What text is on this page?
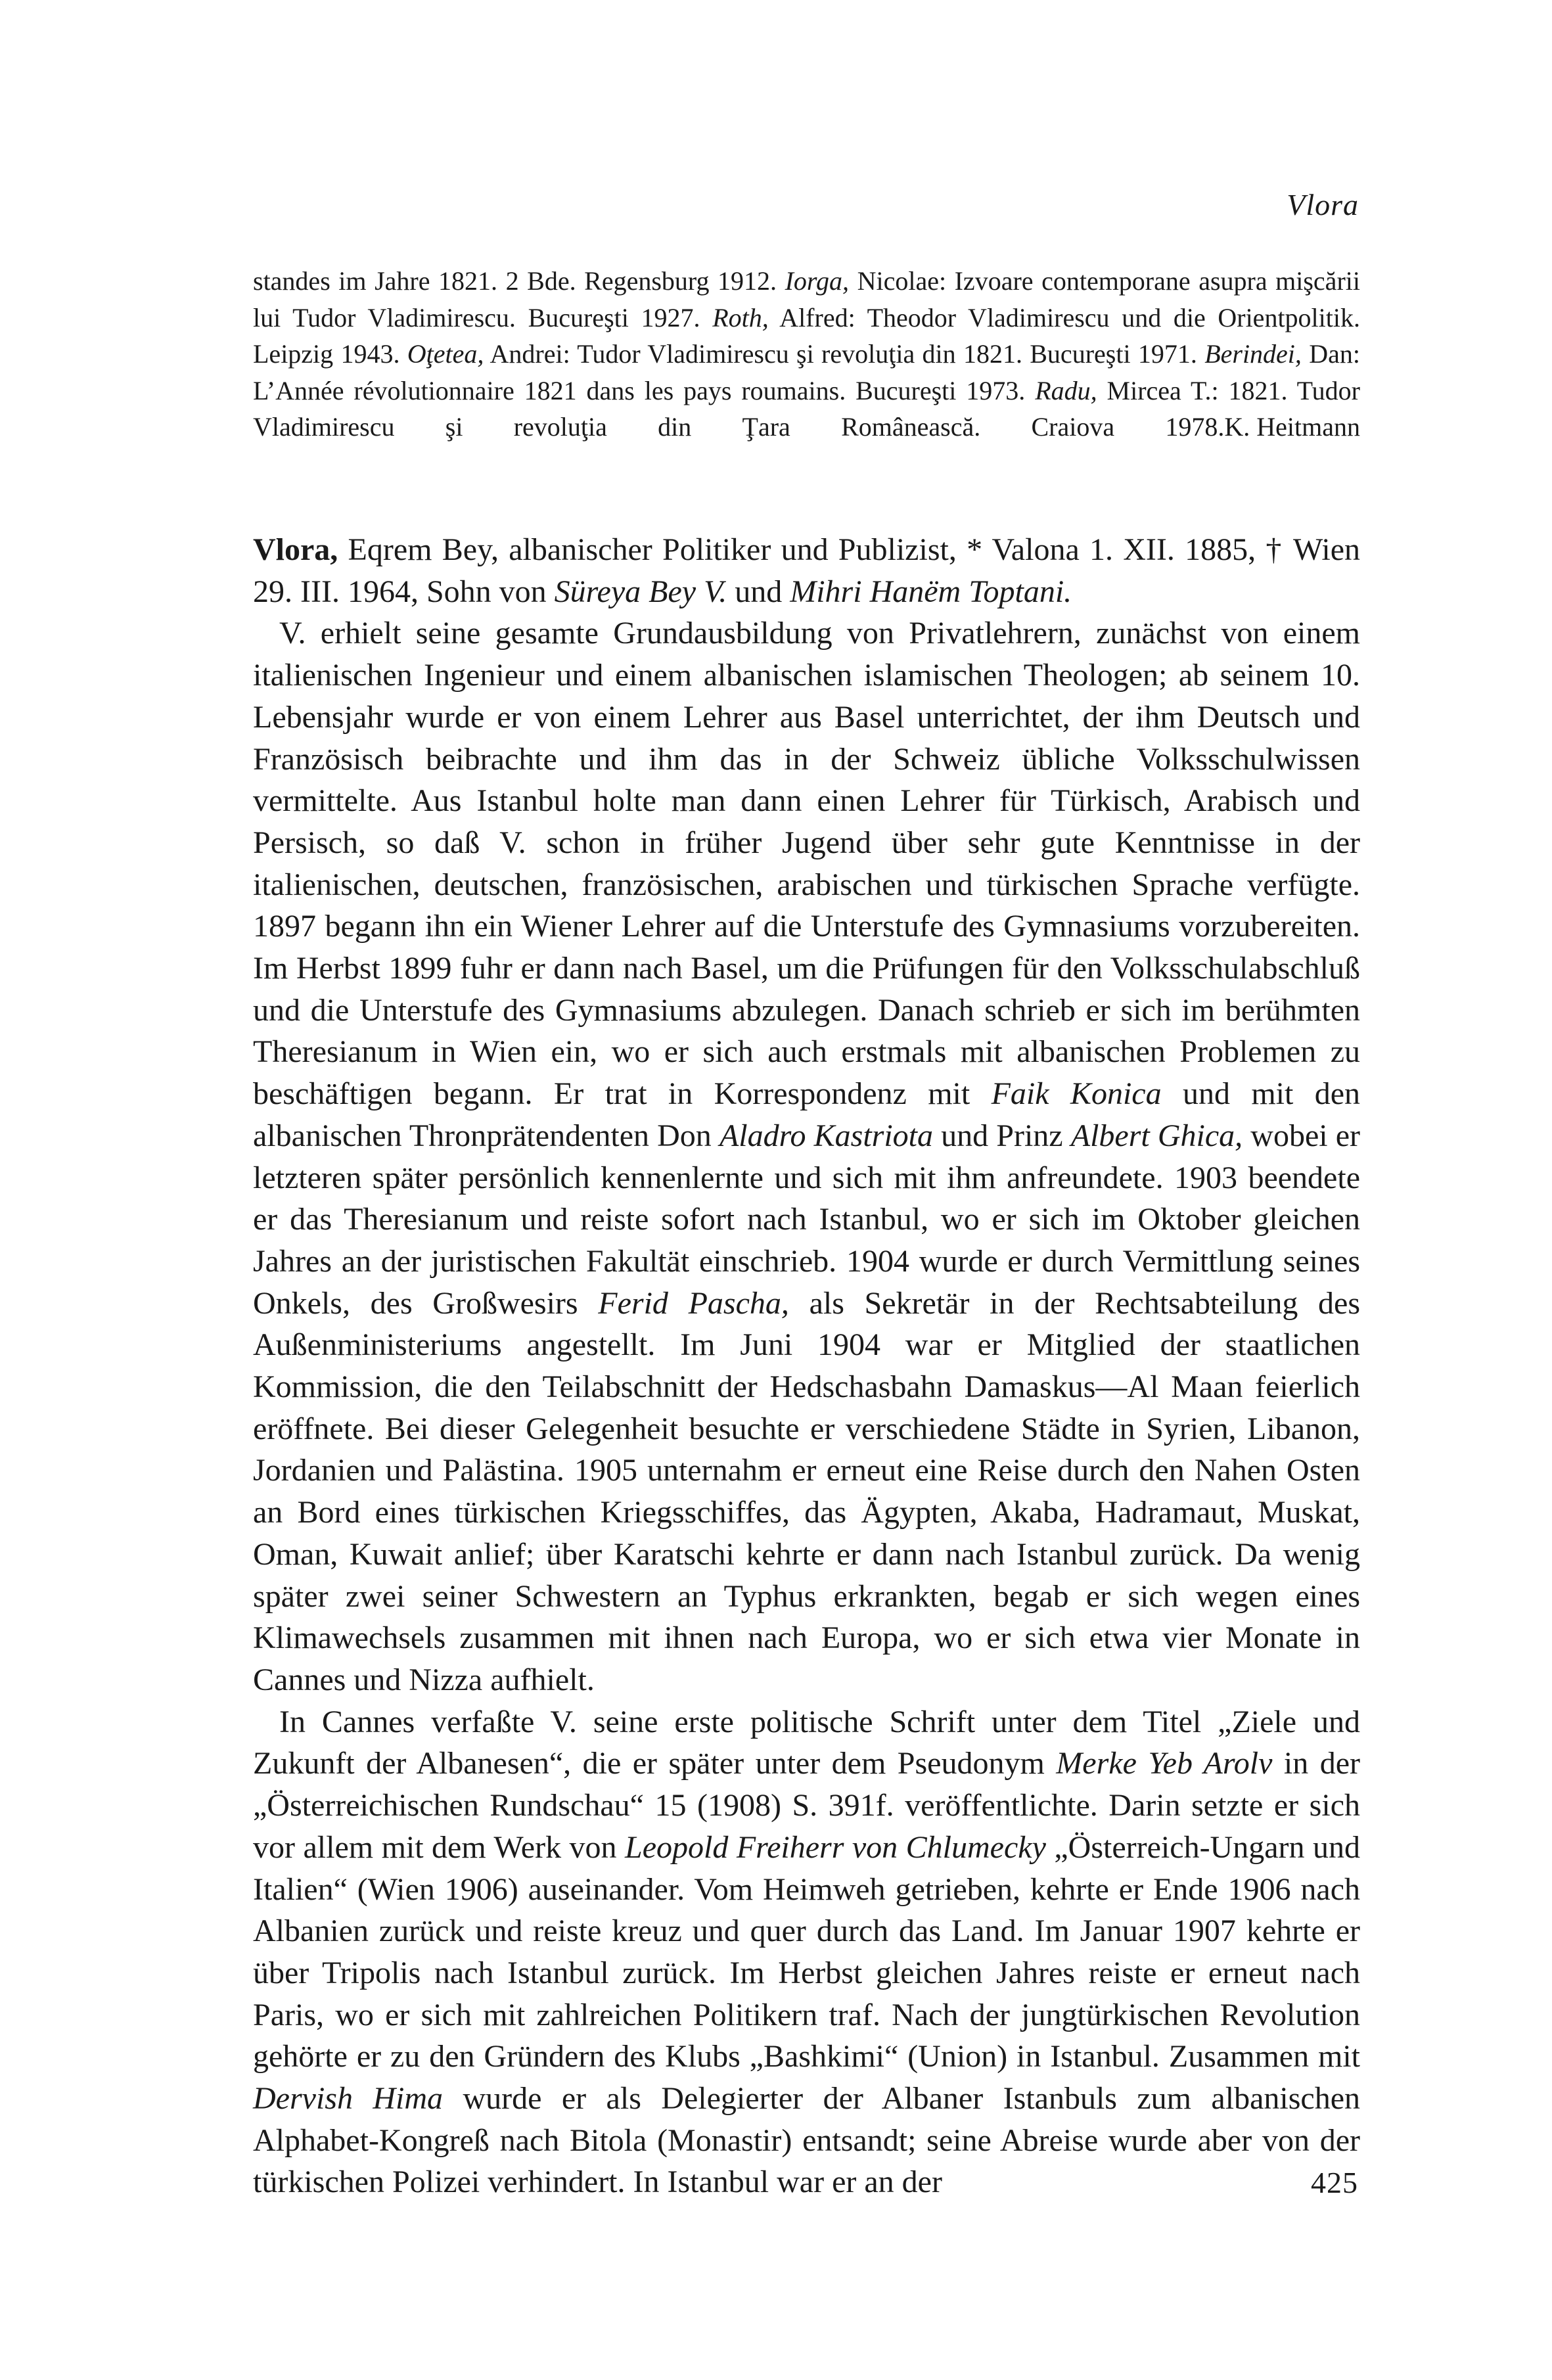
Vlora

standes im Jahre 1821. 2 Bde. Regensburg 1912. Iorga, Nicolae: Izvoare contemporane asupra mişcării lui Tudor Vladimirescu. Bucureşti 1927. Roth, Alfred: Theodor Vladimirescu und die Orientpolitik. Leipzig 1943. Oţetea, Andrei: Tudor Vladimirescu şi revoluţia din 1821. Bucureşti 1971. Berindei, Dan: L’Année révolutionnaire 1821 dans les pays roumains. Bucureşti 1973. Radu, Mircea T.: 1821. Tudor Vladimirescu şi revoluţia din Ţara Românească. Craiova 1978. K. Heitmann

Vlora, Eqrem Bey, albanischer Politiker und Publizist, * Valona 1. XII. 1885, † Wien 29. III. 1964, Sohn von Süreya Bey V. und Mihri Hanëm Toptani.

V. erhielt seine gesamte Grundausbildung von Privatlehrern, zunächst von einem italienischen Ingenieur und einem albanischen islamischen Theologen; ab seinem 10. Lebensjahr wurde er von einem Lehrer aus Basel unterrichtet, der ihm Deutsch und Französisch beibrachte und ihm das in der Schweiz übliche Volksschulwissen vermittelte. Aus Istanbul holte man dann einen Lehrer für Türkisch, Arabisch und Persisch, so daß V. schon in früher Jugend über sehr gute Kenntnisse in der italienischen, deutschen, französischen, arabischen und türkischen Sprache verfügte. 1897 begann ihn ein Wiener Lehrer auf die Unterstufe des Gymnasiums vorzubereiten. Im Herbst 1899 fuhr er dann nach Basel, um die Prüfungen für den Volksschulabschluß und die Unterstufe des Gymnasiums abzulegen. Danach schrieb er sich im berühmten Theresianum in Wien ein, wo er sich auch erstmals mit albanischen Problemen zu beschäftigen begann. Er trat in Korrespondenz mit Faik Konica und mit den albanischen Thronprätendenten Don Aladro Kastriota und Prinz Albert Ghica, wobei er letzteren später persönlich kennenlernte und sich mit ihm anfreundete. 1903 beendete er das Theresianum und reiste sofort nach Istanbul, wo er sich im Oktober gleichen Jahres an der juristischen Fakultät einschrieb. 1904 wurde er durch Vermittlung seines Onkels, des Großwesirs Ferid Pascha, als Sekretär in der Rechtsabteilung des Außenministeriums angestellt. Im Juni 1904 war er Mitglied der staatlichen Kommission, die den Teilabschnitt der Hedschasbahn Damaskus—Al Maan feierlich eröffnete. Bei dieser Gelegenheit besuchte er verschiedene Städte in Syrien, Libanon, Jordanien und Palästina. 1905 unternahm er erneut eine Reise durch den Nahen Osten an Bord eines türkischen Kriegsschiffes, das Ägypten, Akaba, Hadramaut, Muskat, Oman, Kuwait anlief; über Karatschi kehrte er dann nach Istanbul zurück. Da wenig später zwei seiner Schwestern an Typhus erkrankten, begab er sich wegen eines Klimawechsels zusammen mit ihnen nach Europa, wo er sich etwa vier Monate in Cannes und Nizza aufhielt.

In Cannes verfaßte V. seine erste politische Schrift unter dem Titel „Ziele und Zukunft der Albanesen“, die er später unter dem Pseudonym Merke Yeb Arolv in der „Österreichischen Rundschau“ 15 (1908) S. 391f. veröffentlichte. Darin setzte er sich vor allem mit dem Werk von Leopold Freiherr von Chlumecky „Österreich-Ungarn und Italien“ (Wien 1906) auseinander. Vom Heimweh getrieben, kehrte er Ende 1906 nach Albanien zurück und reiste kreuz und quer durch das Land. Im Januar 1907 kehrte er über Tripolis nach Istanbul zurück. Im Herbst gleichen Jahres reiste er erneut nach Paris, wo er sich mit zahlreichen Politikern traf. Nach der jungtürkischen Revolution gehörte er zu den Gründern des Klubs „Bashkimi“ (Union) in Istanbul. Zusammen mit Dervish Hima wurde er als Delegierter der Albaner Istanbuls zum albanischen Alphabet-Kongreß nach Bitola (Monastir) entsandt; seine Abreise wurde aber von der türkischen Polizei verhindert. In Istanbul war er an der	425
